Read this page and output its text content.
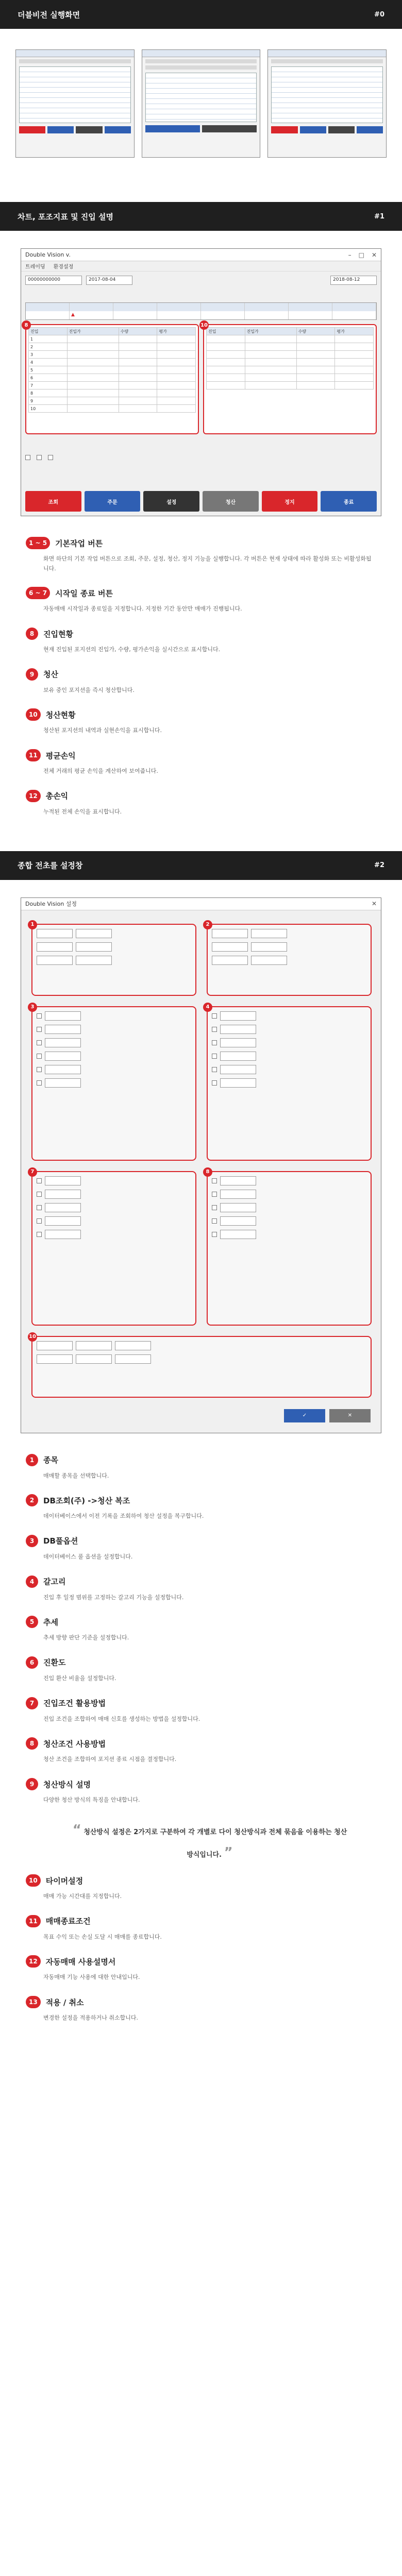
더블비전 실행화면	#0
차트, 포조지표 및 진입 설명	#1
Double Vision v.	– □ ✕
트레이딩 환경설정
00000000000	2017-08-04	2018-08-12
▲
8
진입	진입가	수량	평가
1			
2			
3			
4			
5			
6			
7			
8			
9			
10			
10
진입	진입가	수량	평가

조회	주문	설정	청산	정지	종료
1 ~ 5	기본작업 버튼

화면 하단의 기본 작업 버튼으로 조회, 주문, 설정, 청산, 정지 기능을 실행합니다. 각 버튼은 현재 상태에 따라 활성화 또는 비활성화됩니다.

6 ~ 7	시작일 종료 버튼

자동매매 시작일과 종료일을 지정합니다. 지정한 기간 동안만 매매가 진행됩니다.

8	진입현황

현재 진입된 포지션의 진입가, 수량, 평가손익을 실시간으로 표시합니다.

9	청산

보유 중인 포지션을 즉시 청산합니다.

10	청산현황

청산된 포지션의 내역과 실현손익을 표시합니다.

11	평균손익

전체 거래의 평균 손익을 계산하여 보여줍니다.

12	총손익

누적된 전체 손익을 표시합니다.

종합 전초를 설정창	#2
Double Vision 설정	✕
1	2
3	4
7	8
10
✓	✕
1	종목

매매할 종목을 선택합니다.

2	DB조회(주) ->청산 복조

데이터베이스에서 이전 기록을 조회하여 청산 설정을 복구합니다.

3	DB풀옵션

데이터베이스 풀 옵션을 설정합니다.

4	갈고리

진입 후 일정 범위를 고정하는 갈고리 기능을 설정합니다.

5	추세

추세 방향 판단 기준을 설정합니다.

6	진환도

진입 환산 비율을 설정합니다.

7	진입조건 활용방법

진입 조건을 조합하여 매매 신호를 생성하는 방법을 설정합니다.

8	청산조건 사용방법

청산 조건을 조합하여 포지션 종료 시점을 결정합니다.

9	청산방식 설명

다양한 청산 방식의 특징을 안내합니다.

“ 청산방식 설정은 2가지로 구분하여 각 개별로 다이 청산방식과 전체 묶음을 이용하는 청산 방식입니다. ”
10	타이머설정

매매 가능 시간대를 지정합니다.

11	매매종료조건

목표 수익 또는 손실 도달 시 매매를 종료합니다.

12	자동매매 사용설명서

자동매매 기능 사용에 대한 안내입니다.

13	적용 / 취소

변경한 설정을 적용하거나 취소합니다.
